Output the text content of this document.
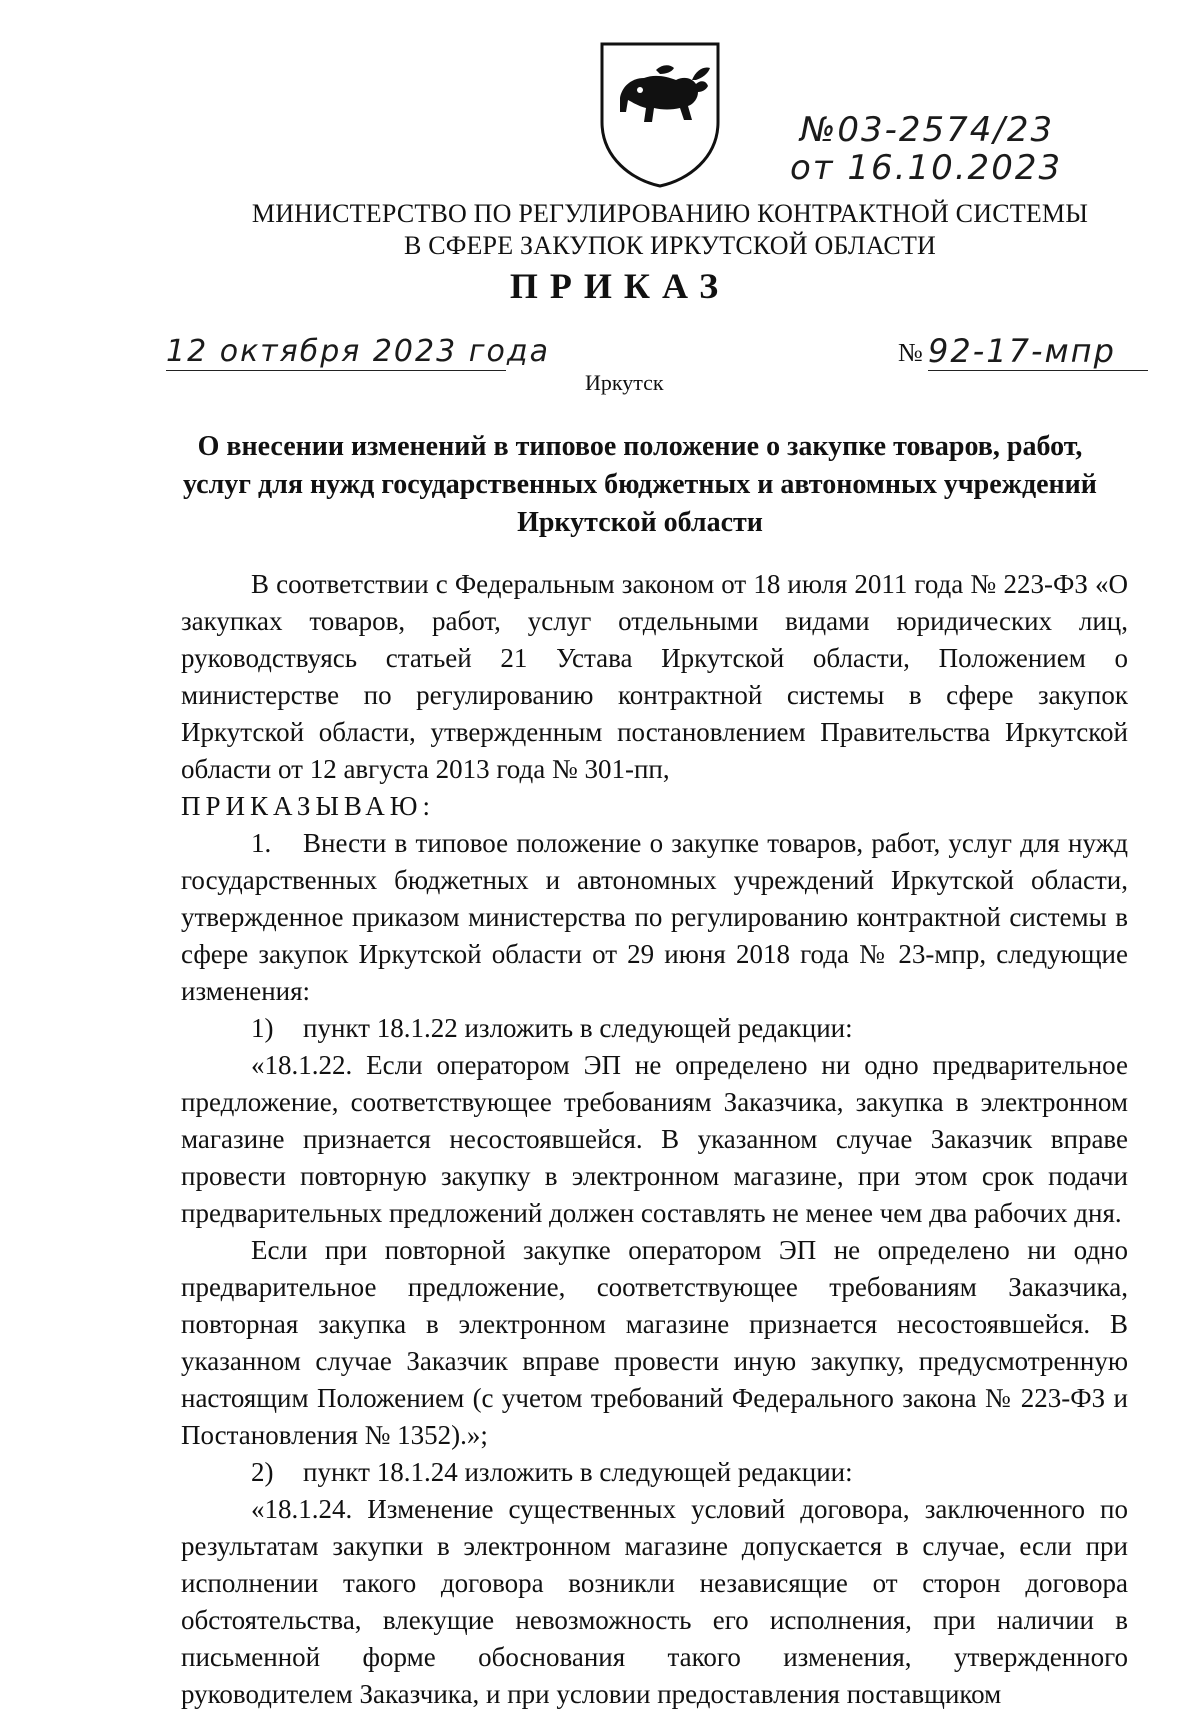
№03-2574/23
от 16.10.2023
МИНИСТЕРСТВО ПО РЕГУЛИРОВАНИЮ КОНТРАКТНОЙ СИСТЕМЫ
В СФЕРЕ ЗАКУПОК ИРКУТСКОЙ ОБЛАСТИ
ПРИКАЗ
12 октября 2023 года	№ 92-17-мпр
Иркутск
О внесении изменений в типовое положение о закупке товаров, работ,
услуг для нужд государственных бюджетных и автономных учреждений
Иркутской области

В соответствии с Федеральным законом от 18 июля 2011 года № 223-ФЗ «О закупках товаров, работ, услуг отдельными видами юридических лиц, руководствуясь статьей 21 Устава Иркутской области, Положением о министерстве по регулированию контрактной системы в сфере закупок Иркутской области, утвержденным постановлением Правительства Иркутской области от 12 августа 2013 года № 301-пп,

ПРИКАЗЫВАЮ:

1. Внести в типовое положение о закупке товаров, работ, услуг для нужд государственных бюджетных и автономных учреждений Иркутской области, утвержденное приказом министерства по регулированию контрактной системы в сфере закупок Иркутской области от 29 июня 2018 года № 23-мпр, следующие изменения:

1) пункт 18.1.22 изложить в следующей редакции:

«18.1.22. Если оператором ЭП не определено ни одно предварительное предложение, соответствующее требованиям Заказчика, закупка в электронном магазине признается несостоявшейся. В указанном случае Заказчик вправе провести повторную закупку в электронном магазине, при этом срок подачи предварительных предложений должен составлять не менее чем два рабочих дня.

Если при повторной закупке оператором ЭП не определено ни одно предварительное предложение, соответствующее требованиям Заказчика, повторная закупка в электронном магазине признается несостоявшейся. В указанном случае Заказчик вправе провести иную закупку, предусмотренную настоящим Положением (с учетом требований Федерального закона № 223-ФЗ и Постановления № 1352).»;

2) пункт 18.1.24 изложить в следующей редакции:

«18.1.24. Изменение существенных условий договора, заключенного по результатам закупки в электронном магазине допускается в случае, если при исполнении такого договора возникли независящие от сторон договора обстоятельства, влекущие невозможность его исполнения, при наличии в письменной форме обоснования такого изменения, утвержденного руководителем Заказчика, и при условии предоставления поставщиком
